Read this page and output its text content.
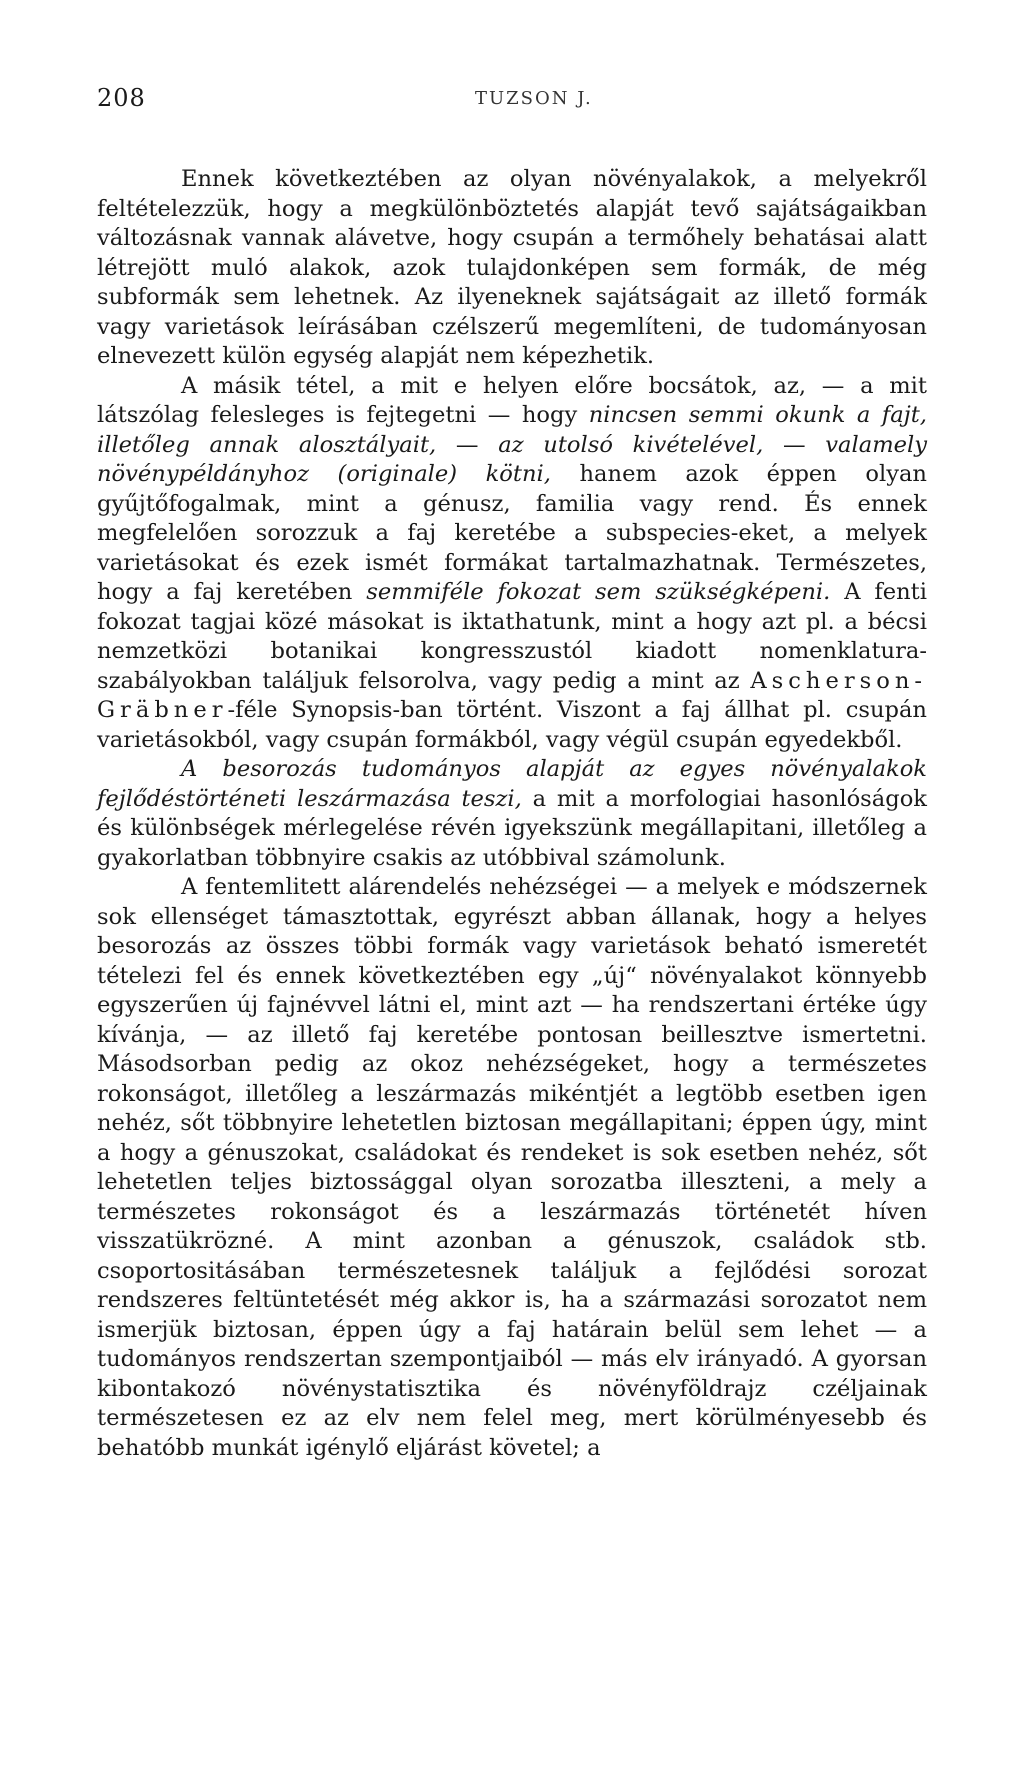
208	TUZSON J.

Ennek következtében az olyan növényalakok, a melyekről feltételezzük, hogy a megkülönböztetés alapját tevő sajátságaikban változásnak vannak alávetve, hogy csupán a termőhely behatásai alatt létrejött muló alakok, azok tulajdonképen sem formák, de még subformák sem lehetnek. Az ilyeneknek sajátságait az illető formák vagy varietások leírásában czélszerű megemlíteni, de tudományosan elnevezett külön egység alapját nem képezhetik.

A másik tétel, a mit e helyen előre bocsátok, az, — a mit látszólag felesleges is fejtegetni — hogy nincsen semmi okunk a fajt, illetőleg annak alosztályait, — az utolsó kivételével, — valamely növénypéldányhoz (originale) kötni, hanem azok éppen olyan gyűjtőfogalmak, mint a génusz, familia vagy rend. És ennek megfelelően sorozzuk a faj keretébe a subspecies-eket, a melyek varietásokat és ezek ismét formákat tartalmazhatnak. Természetes, hogy a faj keretében semmiféle fokozat sem szükségképeni. A fenti fokozat tagjai közé másokat is iktathatunk, mint a hogy azt pl. a bécsi nemzetközi botanikai kongresszustól kiadott nomenklatura-szabályokban találjuk felsorolva, vagy pedig a mint az Ascherson-Gräbner-féle Synopsis-ban történt. Viszont a faj állhat pl. csupán varietásokból, vagy csupán formákból, vagy végül csupán egyedekből.

A besorozás tudományos alapját az egyes növényalakok fejlődéstörténeti leszármazása teszi, a mit a morfologiai hasonlóságok és különbségek mérlegelése révén igyekszünk megállapitani, illetőleg a gyakorlatban többnyire csakis az utóbbival számolunk.

A fentemlitett alárendelés nehézségei — a melyek e módszernek sok ellenséget támasztottak, egyrészt abban állanak, hogy a helyes besorozás az összes többi formák vagy varietások beható ismeretét tételezi fel és ennek következtében egy „új“ növényalakot könnyebb egyszerűen új fajnévvel látni el, mint azt — ha rendszertani értéke úgy kívánja, — az illető faj keretébe pontosan beillesztve ismertetni. Másodsorban pedig az okoz nehézségeket, hogy a természetes rokonságot, illetőleg a leszármazás mikéntjét a legtöbb esetben igen nehéz, sőt többnyire lehetetlen biztosan megállapitani; éppen úgy, mint a hogy a génuszokat, családokat és rendeket is sok esetben nehéz, sőt lehetetlen teljes biztossággal olyan sorozatba illeszteni, a mely a természetes rokonságot és a leszármazás történetét híven visszatükrözné. A mint azonban a génuszok, családok stb. csoportositásában természetesnek találjuk a fejlődési sorozat rendszeres feltüntetését még akkor is, ha a származási sorozatot nem ismerjük biztosan, éppen úgy a faj határain belül sem lehet — a tudományos rendszertan szempontjaiból — más elv irányadó. A gyorsan kibontakozó növénystatisztika és növényföldrajz czéljainak természetesen ez az elv nem felel meg, mert körülményesebb és behatóbb munkát igénylő eljárást követel; a
